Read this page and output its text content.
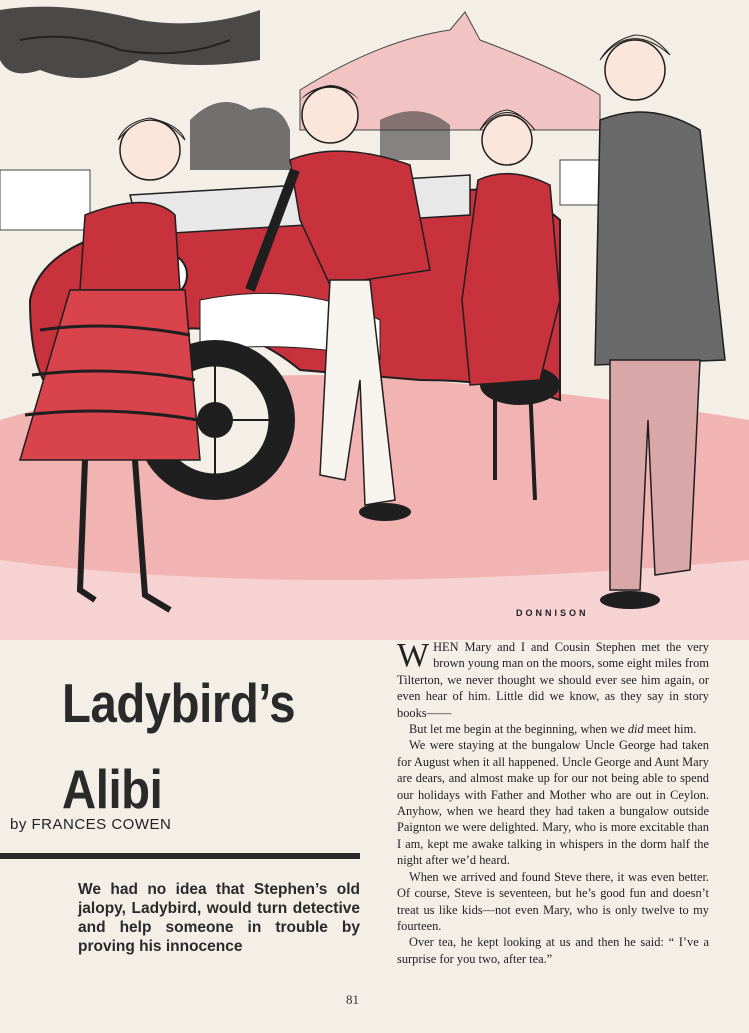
DONNISON
Ladybird’s
Alibi
by FRANCES COWEN
We had no idea that Stephen’s old jalopy, Ladybird, would turn detective and help someone in trouble by proving his innocence

WHEN Mary and I and Cousin Stephen met the very brown young man on the moors, some eight miles from Tilterton, we never thought we should ever see him again, or even hear of him. Little did we know, as they say in story books——

But let me begin at the beginning, when we did meet him.

We were staying at the bungalow Uncle George had taken for August when it all happened. Uncle George and Aunt Mary are dears, and almost make up for our not being able to spend our holidays with Father and Mother who are out in Ceylon. Anyhow, when we heard they had taken a bungalow outside Paignton we were delighted. Mary, who is more excitable than I am, kept me awake talking in whispers in the dorm half the night after we’d heard.

When we arrived and found Steve there, it was even better. Of course, Steve is seventeen, but he’s good fun and doesn’t treat us like kids—not even Mary, who is only twelve to my fourteen.

Over tea, he kept looking at us and then he said: “ I’ve a surprise for you two, after tea.”

81
